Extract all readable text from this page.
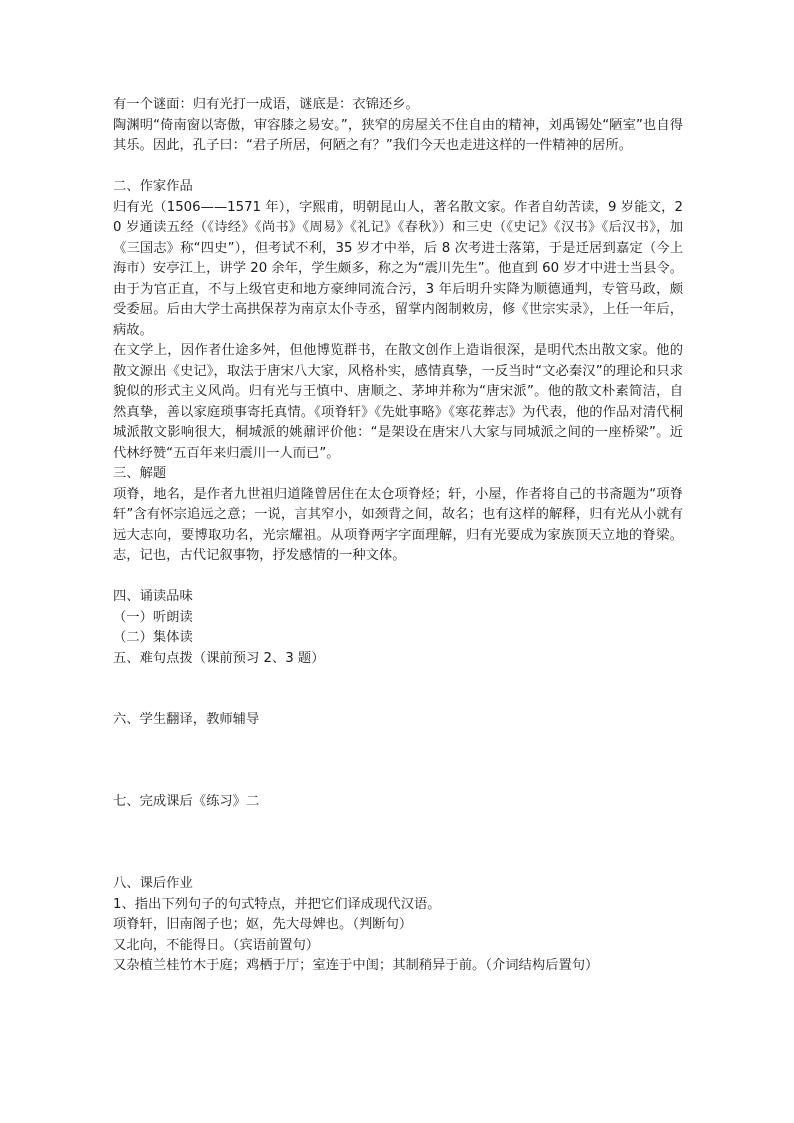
有一个谜面：归有光打一成语，谜底是：衣锦还乡。

陶渊明“倚南窗以寄傲，审容膝之易安。”，狭窄的房屋关不住自由的精神，刘禹锡处“陋室”也自得其乐。因此，孔子曰：“君子所居，何陋之有？”我们今天也走进这样的一件精神的居所。

二、作家作品

归有光（1506——1571 年），字熙甫，明朝昆山人，著名散文家。作者自幼苦读，9 岁能文，20 岁通读五经（《诗经》《尚书》《周易》《礼记》《春秋》）和三史（《史记》《汉书》《后汉书》，加《三国志》称“四史”），但考试不利，35 岁才中举，后 8 次考进士落第，于是迁居到嘉定（今上海市）安亭江上，讲学 20 余年，学生颇多，称之为“震川先生”。他直到 60 岁才中进士当县令。由于为官正直，不与上级官吏和地方豪绅同流合污，3 年后明升实降为顺德通判，专管马政，颇受委屈。后由大学士高拱保荐为南京太仆寺丞，留掌内阁制敕房，修《世宗实录》，上任一年后，病故。

在文学上，因作者仕途多舛，但他博览群书，在散文创作上造诣很深，是明代杰出散文家。他的散文源出《史记》，取法于唐宋八大家，风格朴实，感情真挚，一反当时“文必秦汉”的理论和只求貌似的形式主义风尚。归有光与王慎中、唐顺之、茅坤并称为“唐宋派”。他的散文朴素简洁，自然真挚，善以家庭琐事寄托真情。《项脊轩》《先妣事略》《寒花葬志》为代表，他的作品对清代桐城派散文影响很大，桐城派的姚鼐评价他：“是架设在唐宋八大家与同城派之间的一座桥梁”。近代林纾赞“五百年来归震川一人而已”。

三、解题

项脊，地名，是作者九世祖归道隆曾居住在太仓项脊烃；轩，小屋，作者将自己的书斋题为“项脊轩”含有怀宗追远之意；一说，言其窄小，如颈背之间，故名；也有这样的解释，归有光从小就有远大志向，要博取功名，光宗耀祖。从项脊两字字面理解，归有光要成为家族顶天立地的脊梁。志，记也，古代记叙事物，抒发感情的一种文体。

四、诵读品味

（一）听朗读

（二）集体读

五、难句点拨（课前预习 2、3 题）

六、学生翻译，教师辅导

七、完成课后《练习》二

八、课后作业

1、指出下列句子的句式特点，并把它们译成现代汉语。

项脊轩，旧南阁子也；妪，先大母婢也。（判断句）

又北向，不能得日。（宾语前置句）

又杂植兰桂竹木于庭；鸡栖于厅；室连于中闺；其制稍异于前。（介词结构后置句）
